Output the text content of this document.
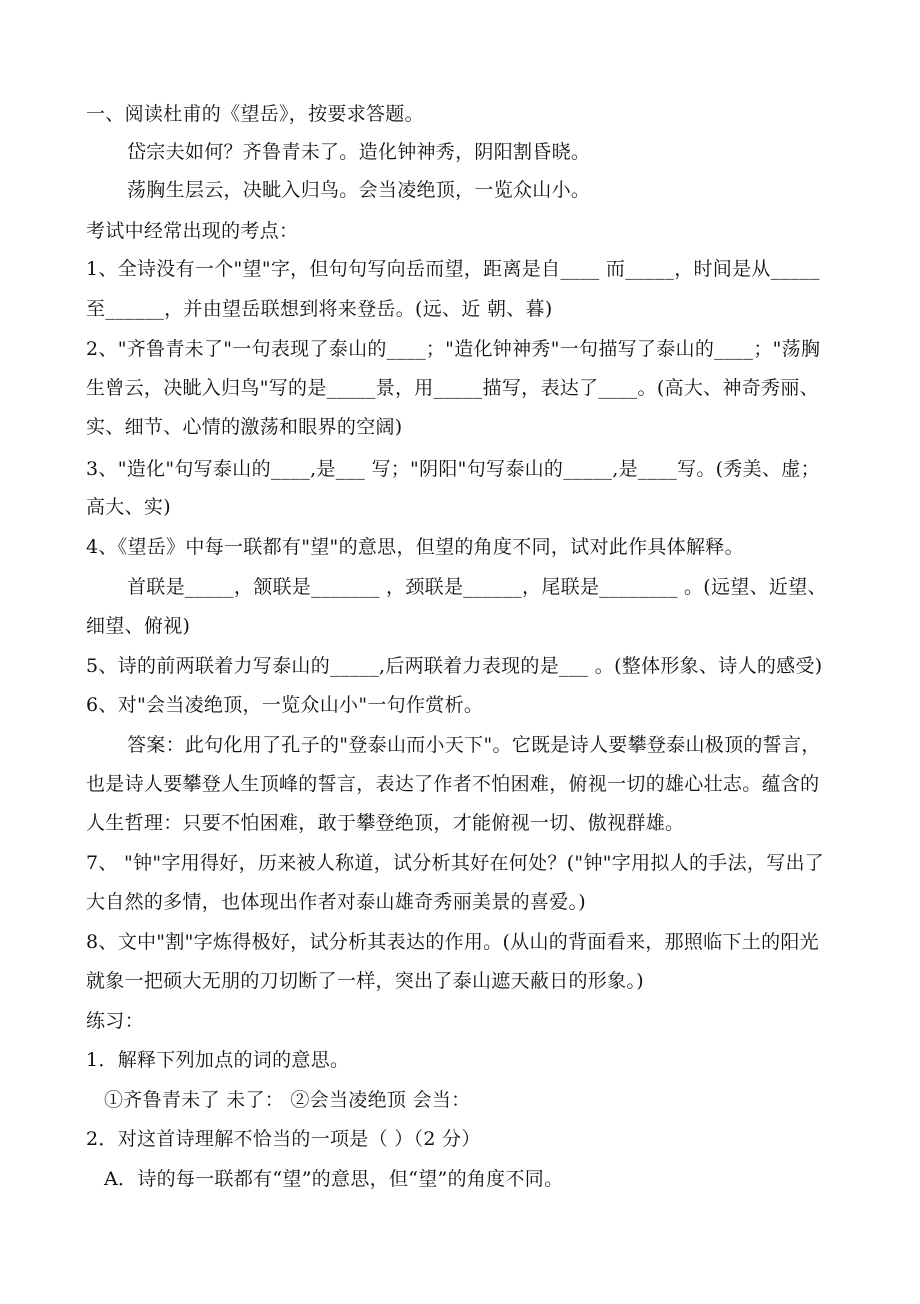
一、阅读杜甫的《望岳》，按要求答题。
岱宗夫如何？齐鲁青未了。造化钟神秀，阴阳割昏晓。
荡胸生层云，决眦入归鸟。会当凌绝顶，一览众山小。
考试中经常出现的考点：
1、全诗没有一个"望"字，但句句写向岳而望，距离是自____ 而_____，时间是从_____
至______，并由望岳联想到将来登岳。(远、近 朝、暮)
2、"齐鲁青未了"一句表现了泰山的____；"造化钟神秀"一句描写了泰山的____；"荡胸
生曾云，决眦入归鸟"写的是_____景，用_____描写，表达了____。(高大、神奇秀丽、
实、细节、心情的激荡和眼界的空阔)
3、"造化"句写泰山的____,是___ 写；"阴阳"句写泰山的_____,是____写。(秀美、虚；
高大、实)
4、《望岳》中每一联都有"望"的意思，但望的角度不同，试对此作具体解释。
首联是_____，颔联是_______ ，颈联是______，尾联是________ 。(远望、近望、
细望、俯视)
5、诗的前两联着力写泰山的_____,后两联着力表现的是___ 。(整体形象、诗人的感受)
6、对"会当凌绝顶，一览众山小"一句作赏析。
答案：此句化用了孔子的"登泰山而小天下"。它既是诗人要攀登泰山极顶的誓言，
也是诗人要攀登人生顶峰的誓言，表达了作者不怕困难，俯视一切的雄心壮志。蕴含的
人生哲理：只要不怕困难，敢于攀登绝顶，才能俯视一切、傲视群雄。
7、 "钟"字用得好，历来被人称道，试分析其好在何处？("钟"字用拟人的手法，写出了
大自然的多情，也体现出作者对泰山雄奇秀丽美景的喜爱。)
8、文中"割"字炼得极好，试分析其表达的作用。(从山的背面看来，那照临下土的阳光
就象一把硕大无朋的刀切断了一样，突出了泰山遮天蔽日的形象。)
练习：
1．解释下列加点的词的意思。
①齐鲁青未了 未了： ②会当凌绝顶 会当：
2．对这首诗理解不恰当的一项是（ ）（2 分）
A．诗的每一联都有“望”的意思，但“望”的角度不同。
